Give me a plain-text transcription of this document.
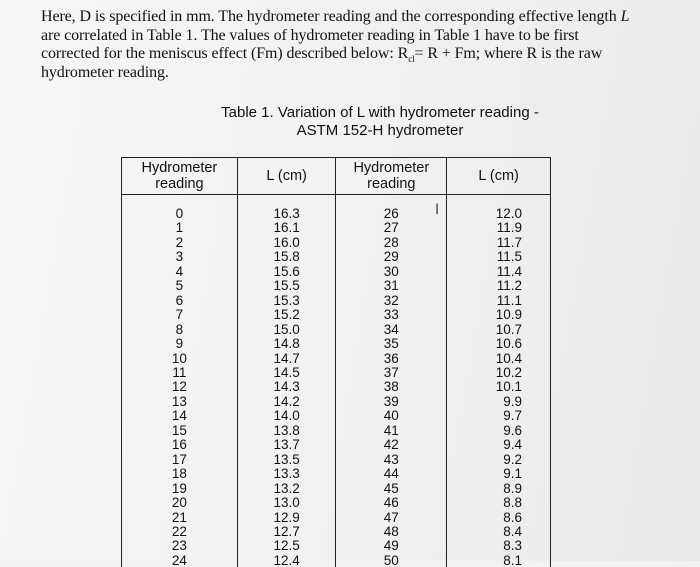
Here, D is specified in mm. The hydrometer reading and the corresponding effective length L are correlated in Table 1. The values of hydrometer reading in Table 1 have to be first corrected for the meniscus effect (Fm) described below: $R_{cl}= R + Fm$; where R is the raw hydrometer reading.
Table 1. Variation of L with hydrometer reading -
ASTM 152-H hydrometer
Hydrometer reading	L (cm)	Hydrometer reading	L (cm)
0	16.3	26	12.0
1	16.1	27	11.9
2	16.0	28	11.7
3	15.8	29	11.5
4	15.6	30	11.4
5	15.5	31	11.2
6	15.3	32	11.1
7	15.2	33	10.9
8	15.0	34	10.7
9	14.8	35	10.6
10	14.7	36	10.4
11	14.5	37	10.2
12	14.3	38	10.1
13	14.2	39	9.9
14	14.0	40	9.7
15	13.8	41	9.6
16	13.7	42	9.4
17	13.5	43	9.2
18	13.3	44	9.1
19	13.2	45	8.9
20	13.0	46	8.8
21	12.9	47	8.6
22	12.7	48	8.4
23	12.5	49	8.3
24	12.4	50	8.1
I
